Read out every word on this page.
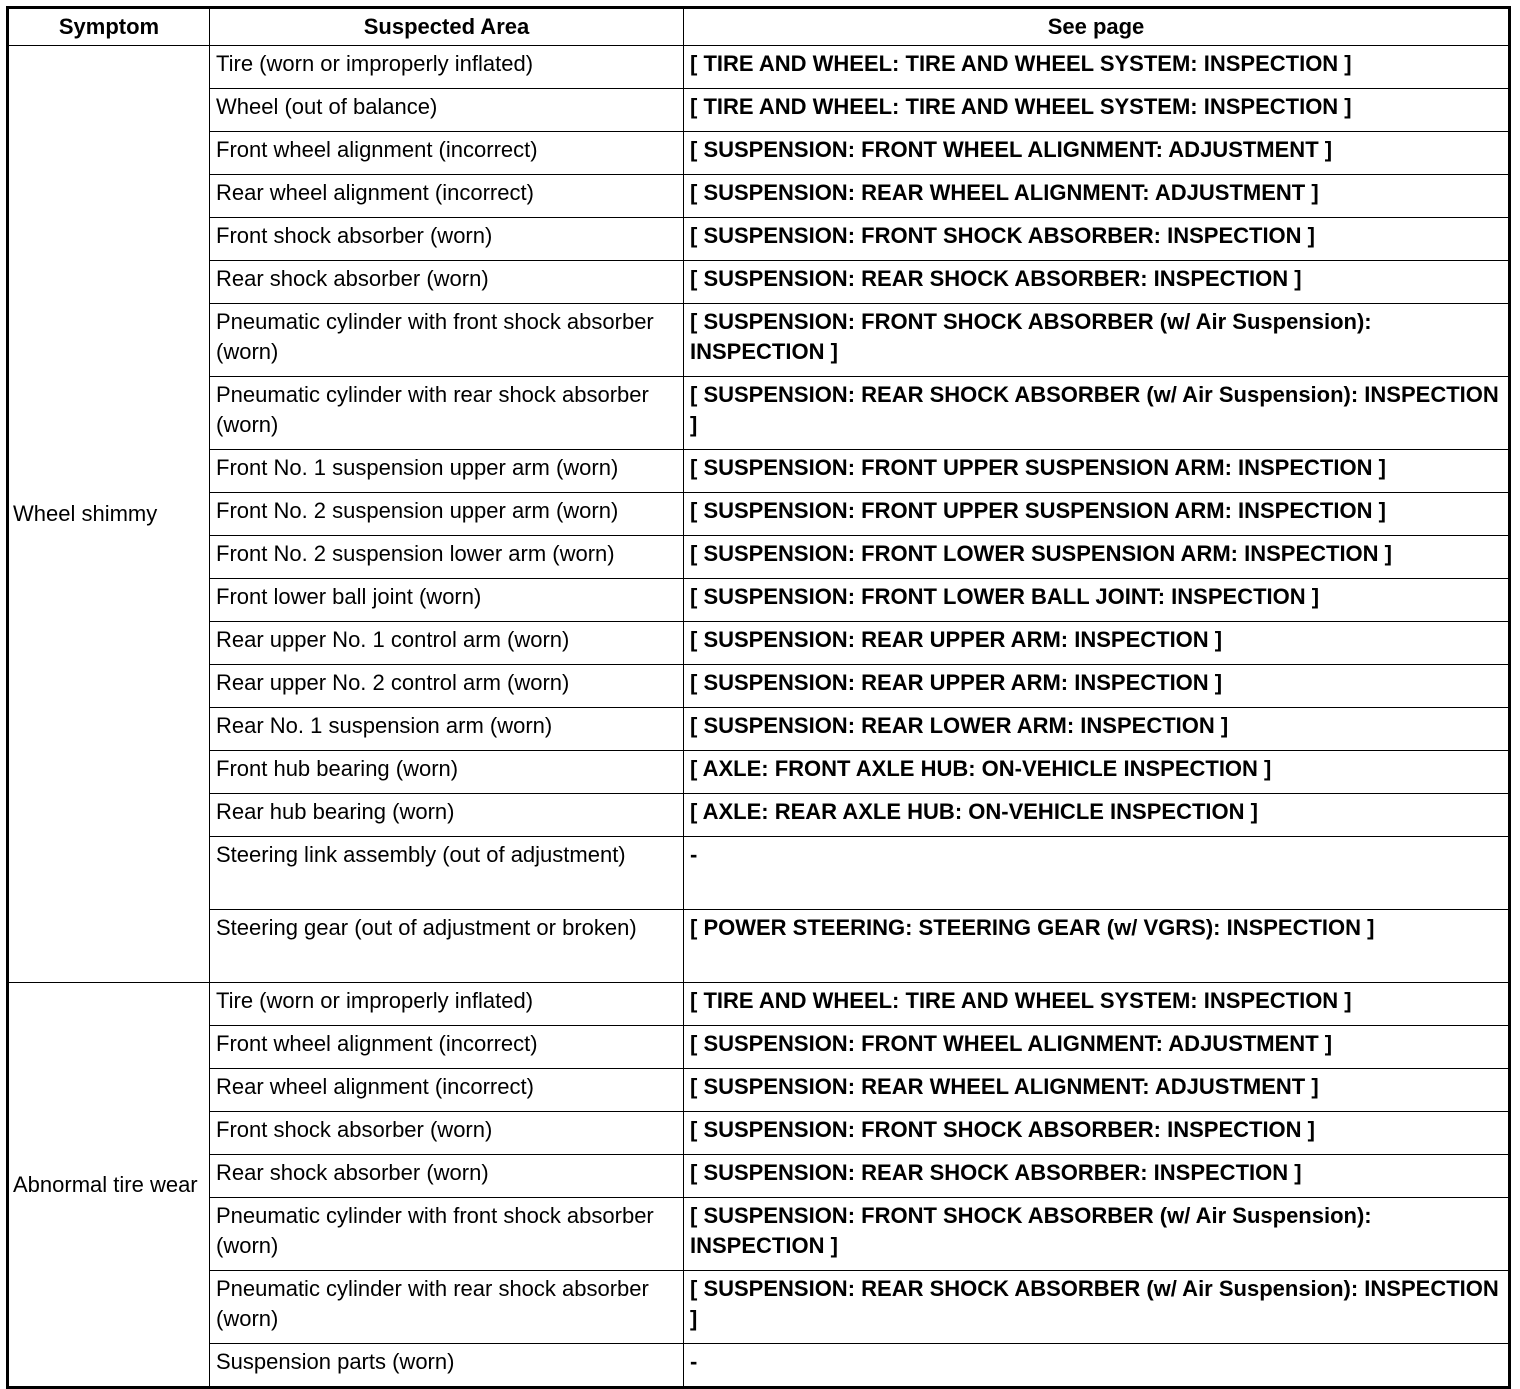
Symptom	Suspected Area	See page
Wheel shimmy	Tire (worn or improperly inflated)	[ TIRE AND WHEEL: TIRE AND WHEEL SYSTEM: INSPECTION ]
	Wheel (out of balance)	[ TIRE AND WHEEL: TIRE AND WHEEL SYSTEM: INSPECTION ]
	Front wheel alignment (incorrect)	[ SUSPENSION: FRONT WHEEL ALIGNMENT: ADJUSTMENT ]
	Rear wheel alignment (incorrect)	[ SUSPENSION: REAR WHEEL ALIGNMENT: ADJUSTMENT ]
	Front shock absorber (worn)	[ SUSPENSION: FRONT SHOCK ABSORBER: INSPECTION ]
	Rear shock absorber (worn)	[ SUSPENSION: REAR SHOCK ABSORBER: INSPECTION ]
	Pneumatic cylinder with front shock absorber (worn)	[ SUSPENSION: FRONT SHOCK ABSORBER (w/ Air Suspension): INSPECTION ]
	Pneumatic cylinder with rear shock absorber (worn)	[ SUSPENSION: REAR SHOCK ABSORBER (w/ Air Suspension): INSPECTION ]
	Front No. 1 suspension upper arm (worn)	[ SUSPENSION: FRONT UPPER SUSPENSION ARM: INSPECTION ]
	Front No. 2 suspension upper arm (worn)	[ SUSPENSION: FRONT UPPER SUSPENSION ARM: INSPECTION ]
	Front No. 2 suspension lower arm (worn)	[ SUSPENSION: FRONT LOWER SUSPENSION ARM: INSPECTION ]
	Front lower ball joint (worn)	[ SUSPENSION: FRONT LOWER BALL JOINT: INSPECTION ]
	Rear upper No. 1 control arm (worn)	[ SUSPENSION: REAR UPPER ARM: INSPECTION ]
	Rear upper No. 2 control arm (worn)	[ SUSPENSION: REAR UPPER ARM: INSPECTION ]
	Rear No. 1 suspension arm (worn)	[ SUSPENSION: REAR LOWER ARM: INSPECTION ]
	Front hub bearing (worn)	[ AXLE: FRONT AXLE HUB: ON-VEHICLE INSPECTION ]
	Rear hub bearing (worn)	[ AXLE: REAR AXLE HUB: ON-VEHICLE INSPECTION ]
	Steering link assembly (out of adjustment)	-
	Steering gear (out of adjustment or broken)	[ POWER STEERING: STEERING GEAR (w/ VGRS): INSPECTION ]
Abnormal tire wear	Tire (worn or improperly inflated)	[ TIRE AND WHEEL: TIRE AND WHEEL SYSTEM: INSPECTION ]
	Front wheel alignment (incorrect)	[ SUSPENSION: FRONT WHEEL ALIGNMENT: ADJUSTMENT ]
	Rear wheel alignment (incorrect)	[ SUSPENSION: REAR WHEEL ALIGNMENT: ADJUSTMENT ]
	Front shock absorber (worn)	[ SUSPENSION: FRONT SHOCK ABSORBER: INSPECTION ]
	Rear shock absorber (worn)	[ SUSPENSION: REAR SHOCK ABSORBER: INSPECTION ]
	Pneumatic cylinder with front shock absorber (worn)	[ SUSPENSION: FRONT SHOCK ABSORBER (w/ Air Suspension): INSPECTION ]
	Pneumatic cylinder with rear shock absorber (worn)	[ SUSPENSION: REAR SHOCK ABSORBER (w/ Air Suspension): INSPECTION ]
	Suspension parts (worn)	-
